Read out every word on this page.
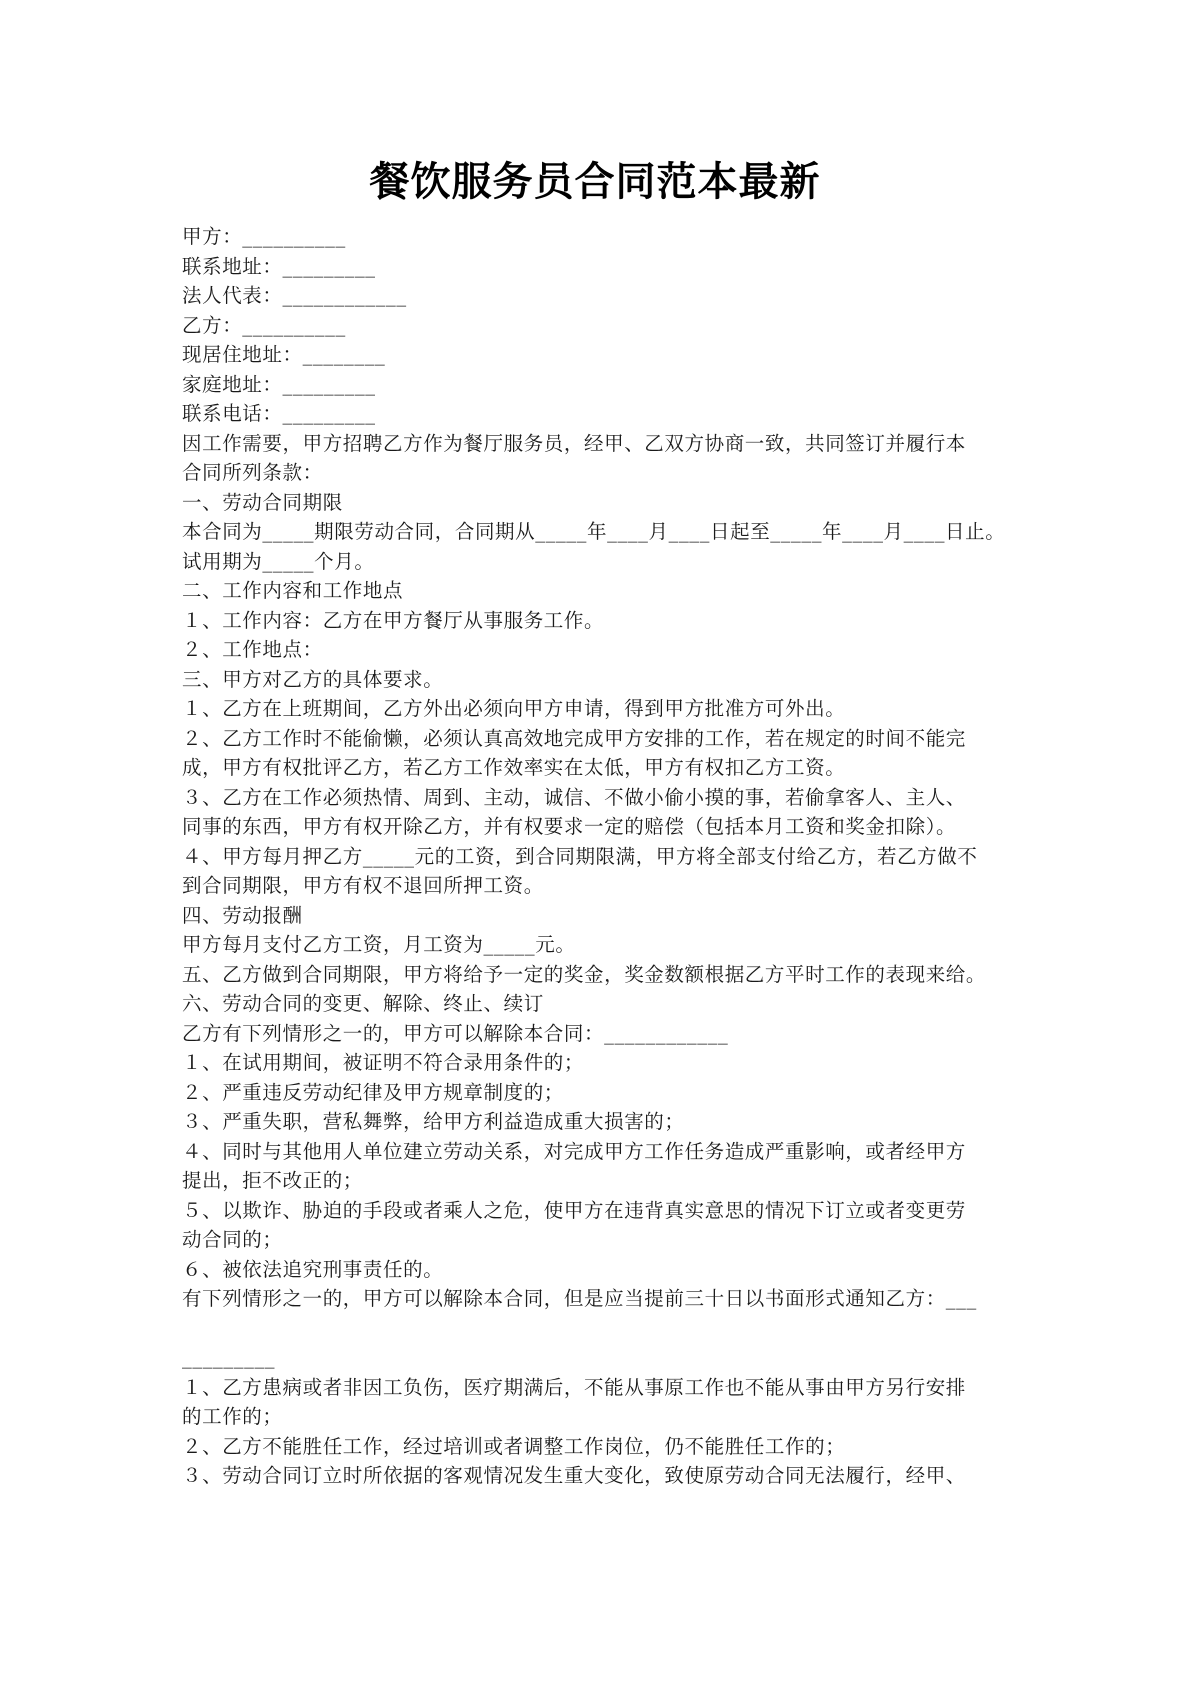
餐饮服务员合同范本最新
甲方：__________
联系地址：_________
法人代表：____________
乙方：__________
现居住地址：________
家庭地址：_________
联系电话：_________
因工作需要，甲方招聘乙方作为餐厅服务员，经甲、乙双方协商一致，共同签订并履行本
合同所列条款：
一、劳动合同期限
本合同为_____期限劳动合同，合同期从_____年____月____日起至_____年____月____日止。
试用期为_____个月。
二、工作内容和工作地点
１、工作内容：乙方在甲方餐厅从事服务工作。
２、工作地点：
三、甲方对乙方的具体要求。
１、乙方在上班期间，乙方外出必须向甲方申请，得到甲方批准方可外出。
２、乙方工作时不能偷懒，必须认真高效地完成甲方安排的工作，若在规定的时间不能完
成，甲方有权批评乙方，若乙方工作效率实在太低，甲方有权扣乙方工资。
３、乙方在工作必须热情、周到、主动，诚信、不做小偷小摸的事，若偷拿客人、主人、
同事的东西，甲方有权开除乙方，并有权要求一定的赔偿（包括本月工资和奖金扣除）。
４、甲方每月押乙方_____元的工资，到合同期限满，甲方将全部支付给乙方，若乙方做不
到合同期限，甲方有权不退回所押工资。
四、劳动报酬
甲方每月支付乙方工资，月工资为_____元。
五、乙方做到合同期限，甲方将给予一定的奖金，奖金数额根据乙方平时工作的表现来给。
六、劳动合同的变更、解除、终止、续订
乙方有下列情形之一的，甲方可以解除本合同：____________
１、在试用期间，被证明不符合录用条件的；
２、严重违反劳动纪律及甲方规章制度的；
３、严重失职，营私舞弊，给甲方利益造成重大损害的；
４、同时与其他用人单位建立劳动关系，对完成甲方工作任务造成严重影响，或者经甲方
提出，拒不改正的；
５、以欺诈、胁迫的手段或者乘人之危，使甲方在违背真实意思的情况下订立或者变更劳
动合同的；
６、被依法追究刑事责任的。
有下列情形之一的，甲方可以解除本合同，但是应当提前三十日以书面形式通知乙方：___
_________
１、乙方患病或者非因工负伤，医疗期满后，不能从事原工作也不能从事由甲方另行安排
的工作的；
２、乙方不能胜任工作，经过培训或者调整工作岗位，仍不能胜任工作的；
３、劳动合同订立时所依据的客观情况发生重大变化，致使原劳动合同无法履行，经甲、
